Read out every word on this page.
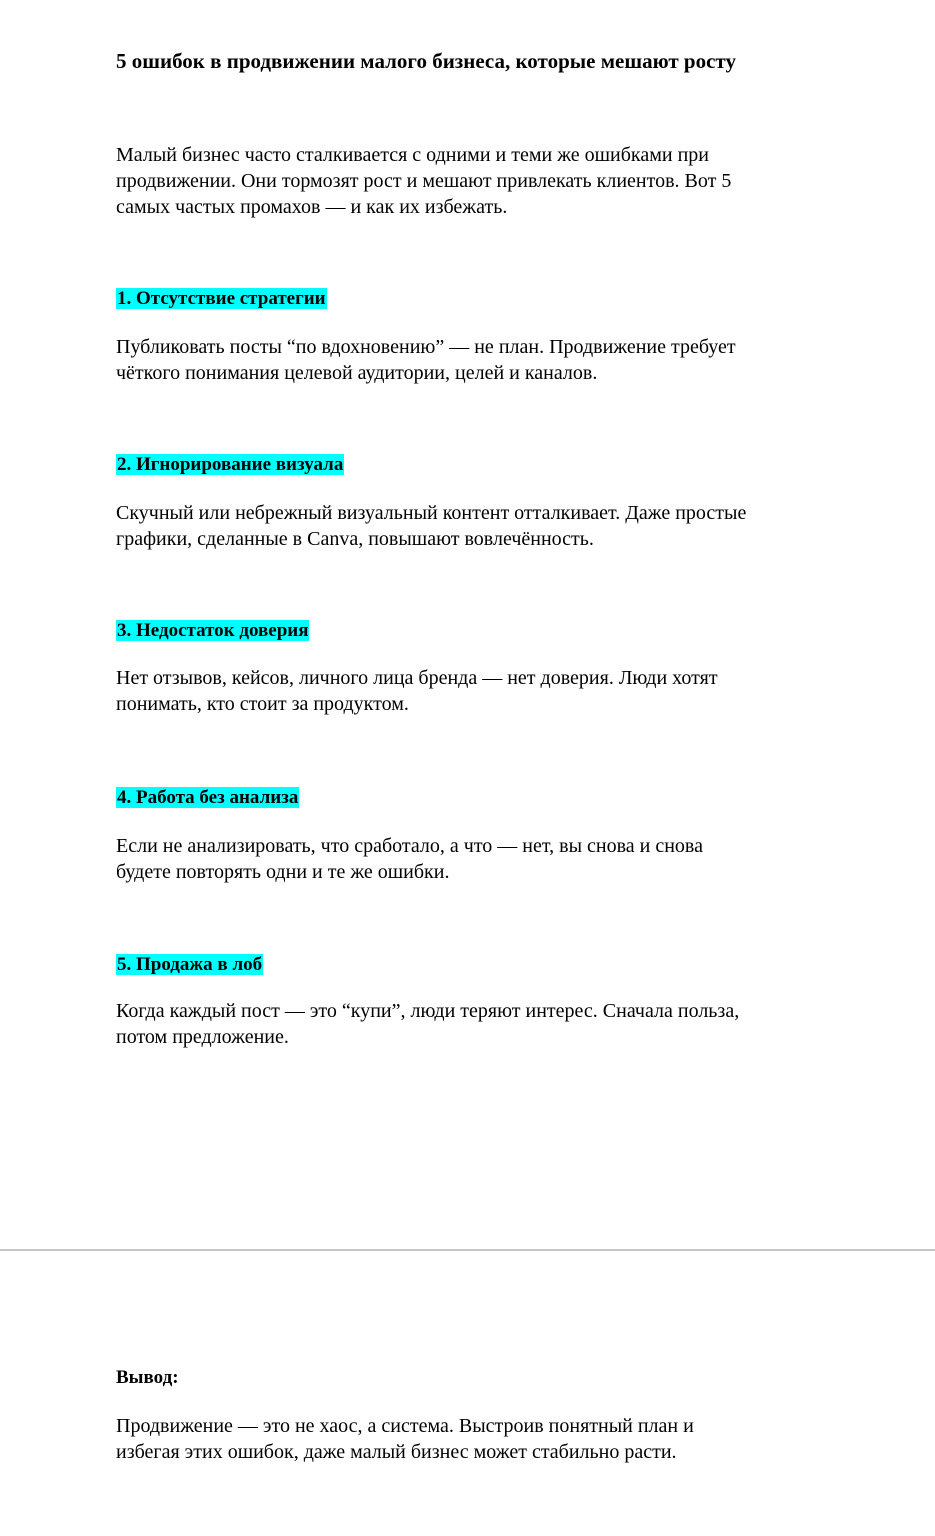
5 ошибок в продвижении малого бизнеса, которые мешают росту
Малый бизнес часто сталкивается с одними и теми же ошибками при
продвижении. Они тормозят рост и мешают привлекать клиентов. Вот 5
самых частых промахов — и как их избежать.
1. Отсутствие стратегии
Публиковать посты “по вдохновению” — не план. Продвижение требует
чёткого понимания целевой аудитории, целей и каналов.
2. Игнорирование визуала
Скучный или небрежный визуальный контент отталкивает. Даже простые
графики, сделанные в Canva, повышают вовлечённость.
3. Недостаток доверия
Нет отзывов, кейсов, личного лица бренда — нет доверия. Люди хотят
понимать, кто стоит за продуктом.
4. Работа без анализа
Если не анализировать, что сработало, а что — нет, вы снова и снова
будете повторять одни и те же ошибки.
5. Продажа в лоб
Когда каждый пост — это “купи”, люди теряют интерес. Сначала польза,
потом предложение.
Вывод:
Продвижение — это не хаос, а система. Выстроив понятный план и
избегая этих ошибок, даже малый бизнес может стабильно расти.
